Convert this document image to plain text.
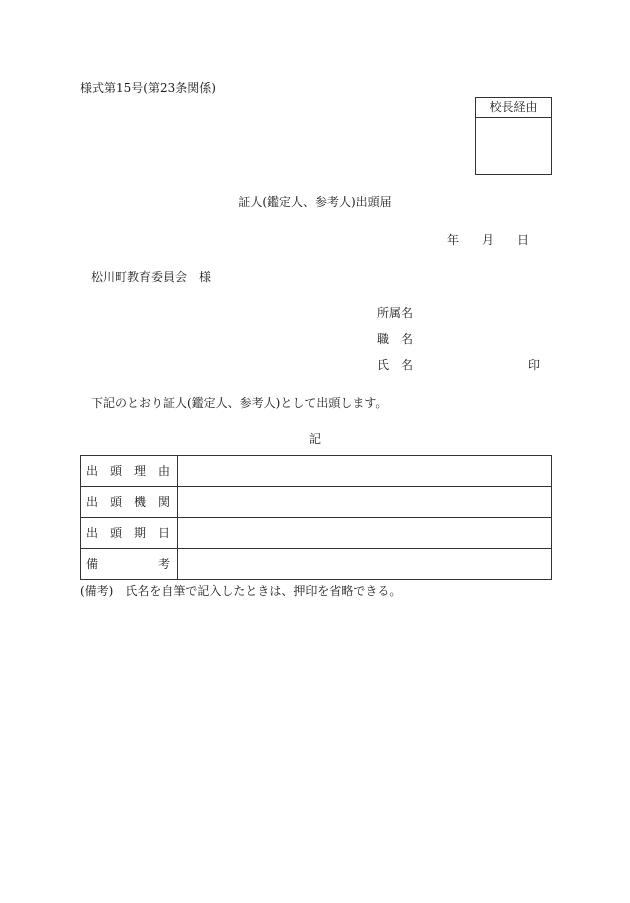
様式第15号(第23条関係)
校長経由
証人(鑑定人、参考人)出頭届
年 月 日
松川町教育委員会　様
所属名
職　名
氏　名	印
下記のとおり証人(鑑定人、参考人)として出頭します。
記
出　頭　理　由	
出　頭　機　関	
出　頭　期　日	
備　　　　　考	
(備考)　氏名を自筆で記入したときは、押印を省略できる。
